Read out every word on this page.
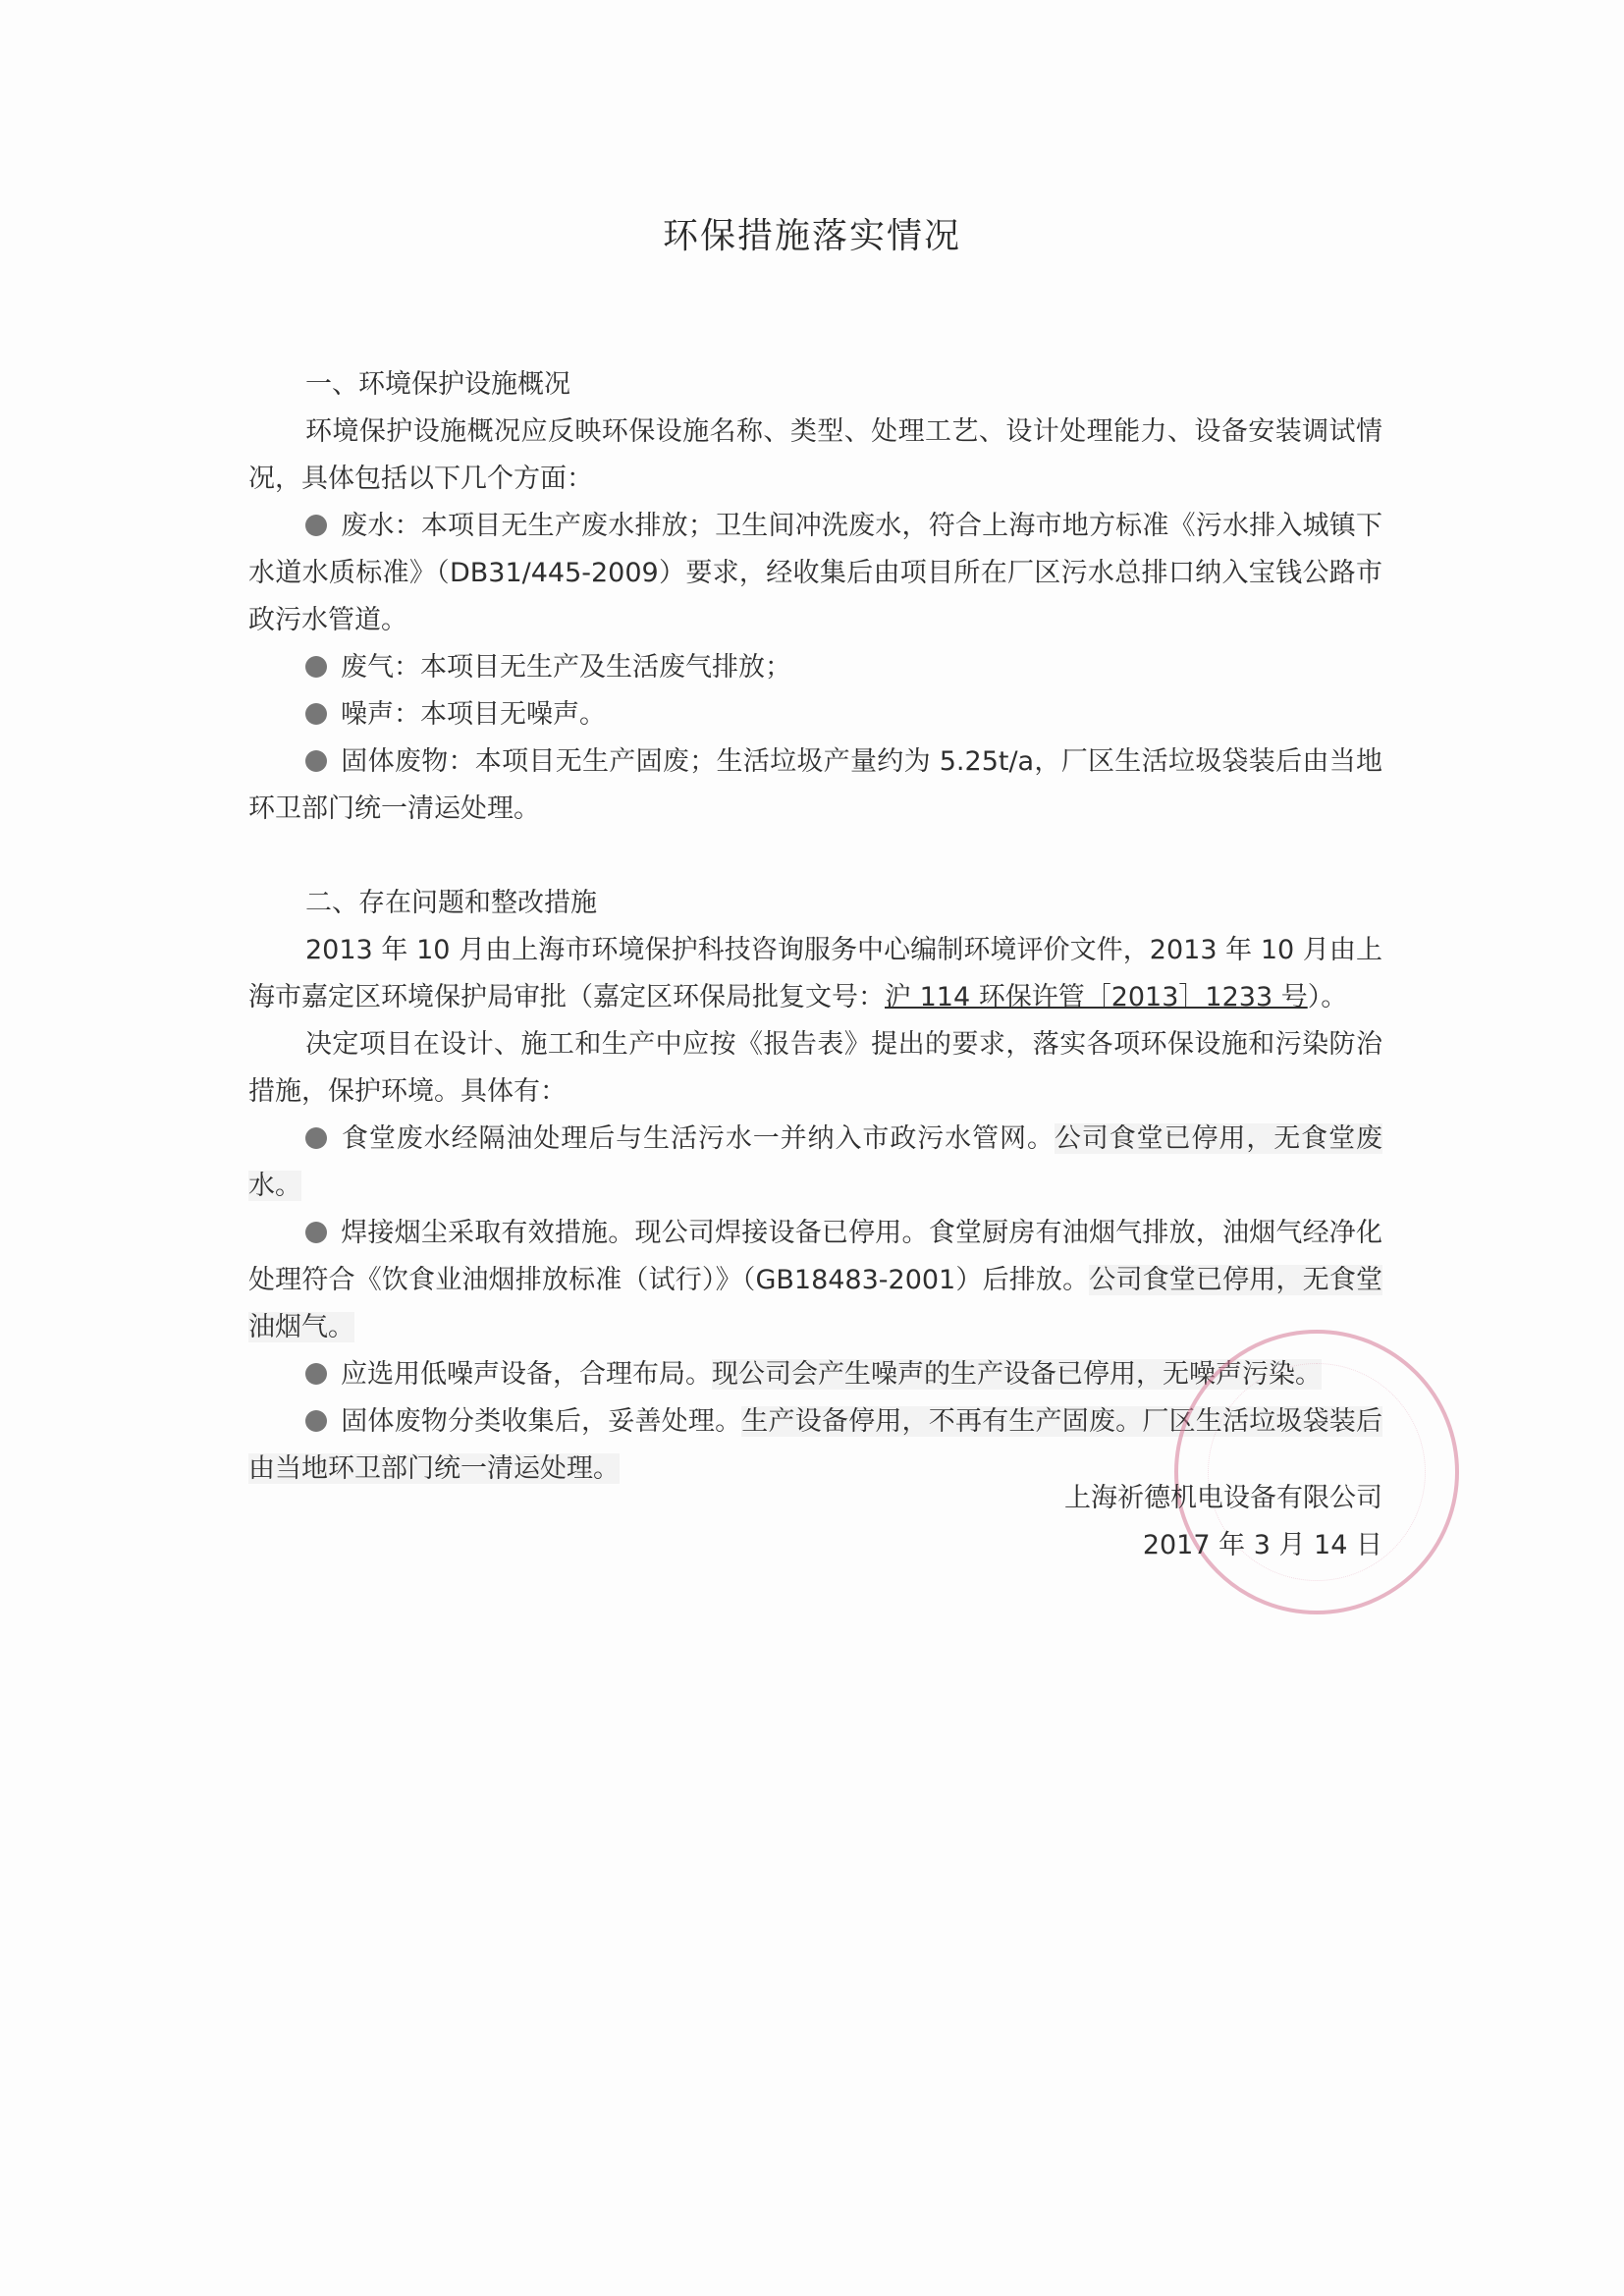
环保措施落实情况

一、环境保护设施概况

环境保护设施概况应反映环保设施名称、类型、处理工艺、设计处理能力、设备安装调试情况，具体包括以下几个方面：

废水：本项目无生产废水排放；卫生间冲洗废水，符合上海市地方标准《污水排入城镇下水道水质标准》（DB31/445-2009）要求，经收集后由项目所在厂区污水总排口纳入宝钱公路市政污水管道。

废气：本项目无生产及生活废气排放；

噪声：本项目无噪声。

固体废物：本项目无生产固废；生活垃圾产量约为 5.25t/a，厂区生活垃圾袋装后由当地环卫部门统一清运处理。

二、存在问题和整改措施

2013 年 10 月由上海市环境保护科技咨询服务中心编制环境评价文件，2013 年 10 月由上海市嘉定区环境保护局审批（嘉定区环保局批复文号：沪 114 环保许管［2013］1233 号）。

决定项目在设计、施工和生产中应按《报告表》提出的要求，落实各项环保设施和污染防治措施，保护环境。具体有：

食堂废水经隔油处理后与生活污水一并纳入市政污水管网。公司食堂已停用，无食堂废水。

焊接烟尘采取有效措施。现公司焊接设备已停用。食堂厨房有油烟气排放，油烟气经净化处理符合《饮食业油烟排放标准（试行）》（GB18483-2001）后排放。公司食堂已停用，无食堂油烟气。

应选用低噪声设备，合理布局。现公司会产生噪声的生产设备已停用，无噪声污染。

固体废物分类收集后，妥善处理。生产设备停用，不再有生产固废。厂区生活垃圾袋装后由当地环卫部门统一清运处理。

上海祈德机电设备有限公司
2017 年 3 月 14 日
